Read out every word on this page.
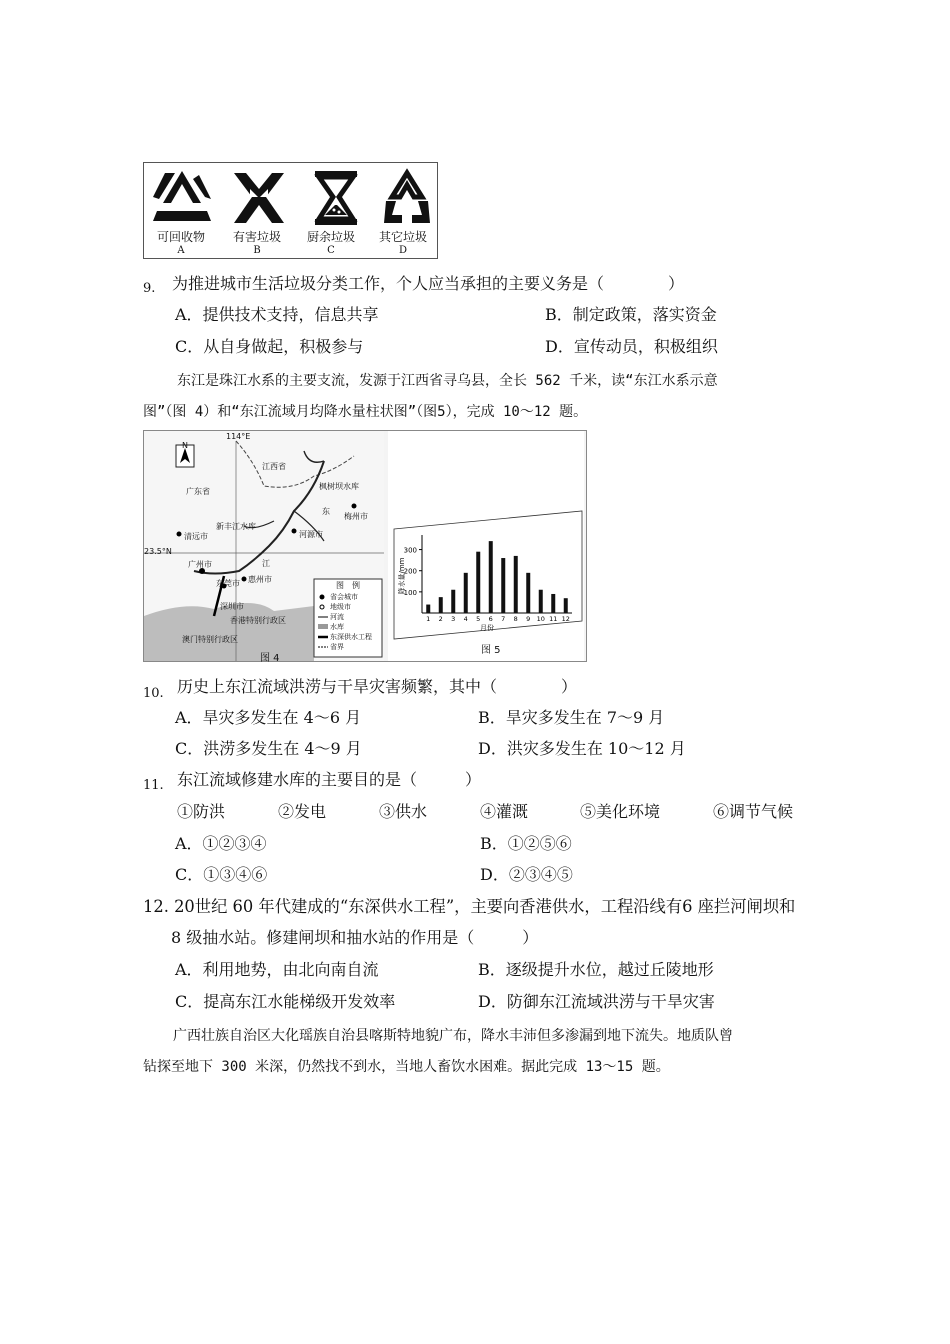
可回收物	有害垃圾	厨余垃圾	其它垃圾
A	B	C	D
9. 为推进城市生活垃圾分类工作，个人应当承担的主要义务是（　　　　）
A．提供技术支持，信息共享	B．制定政策，落实资金
C．从自身做起，积极参与	D．宣传动员，积极组织
东江是珠江水系的主要支流，发源于江西省寻乌县，全长 562 千米，读“东江水系示意
图”（图 4）和“东江流域月均降水量柱状图”（图5），完成 10～12 题。
114°E
23.5°N
N
江西省
广东省
枫树坝水库
梅州市
新丰江水库
河源市
清远市
广州市
东莞市 惠州市
深圳市
香港特别行政区
澳门特别行政区
东
江
图　例
省会城市
地级市
河流
水库
东深供水工程
省界
图 4
100
200
300
降水量/mm
1 2 3 4 5 6 7 8 9 10 11 12
月份
图 5
10. 历史上东江流域洪涝与干旱灾害频繁，其中（　　　　）
A．旱灾多发生在 4～6 月	B．旱灾多发生在 7～9 月
C．洪涝多发生在 4～9 月	D．洪灾多发生在 10～12 月
11. 东江流域修建水库的主要目的是（　　　）
①防洪	②发电	③供水	④灌溉	⑤美化环境	⑥调节气候
A．①②③④	B．①②⑤⑥
C．①③④⑥	D．②③④⑤
12. 20世纪 60 年代建成的“东深供水工程”，主要向香港供水，工程沿线有6 座拦河闸坝和
8 级抽水站。修建闸坝和抽水站的作用是（　　　）
A．利用地势，由北向南自流	B．逐级提升水位，越过丘陵地形
C．提高东江水能梯级开发效率	D．防御东江流域洪涝与干旱灾害
广西壮族自治区大化瑶族自治县喀斯特地貌广布，降水丰沛但多渗漏到地下流失。地质队曾
钻探至地下 300 米深，仍然找不到水，当地人畜饮水困难。据此完成 13～15 题。
